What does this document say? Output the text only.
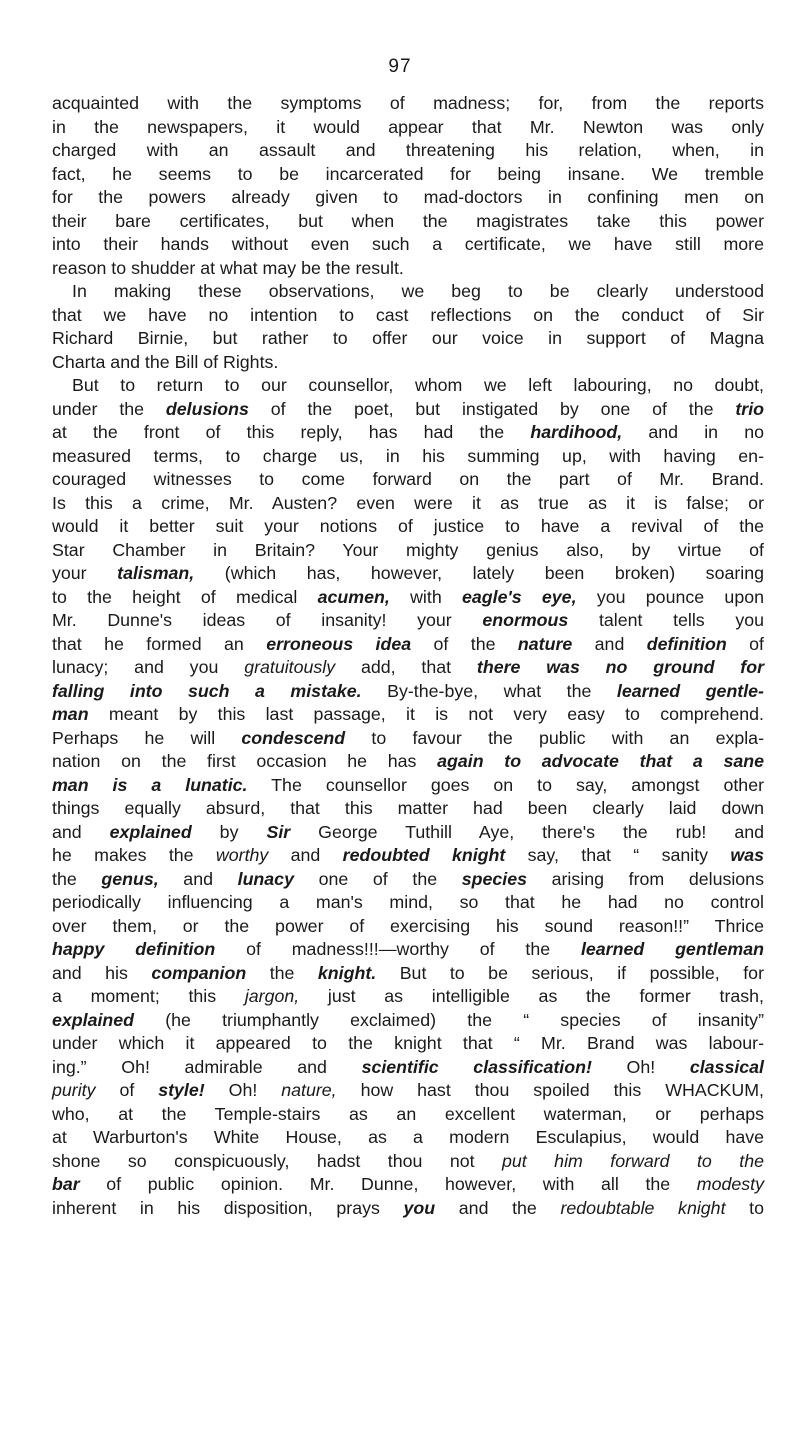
97
acquainted with the symptoms of madness; for, from the reports
in the newspapers, it would appear that Mr. Newton was only
charged with an assault and threatening his relation, when, in
fact, he seems to be incarcerated for being insane. We tremble
for the powers already given to mad-doctors in confining men on
their bare certificates, but when the magistrates take this power
into their hands without even such a certificate, we have still more
reason to shudder at what may be the result.
In making these observations, we beg to be clearly understood
that we have no intention to cast reflections on the conduct of Sir
Richard Birnie, but rather to offer our voice in support of Magna
Charta and the Bill of Rights.
But to return to our counsellor, whom we left labouring, no doubt,
under the delusions of the poet, but instigated by one of the trio
at the front of this reply, has had the hardihood, and in no
measured terms, to charge us, in his summing up, with having en-
couraged witnesses to come forward on the part of Mr. Brand.
Is this a crime, Mr. Austen? even were it as true as it is false; or
would it better suit your notions of justice to have a revival of the
Star Chamber in Britain? Your mighty genius also, by virtue of
your talisman, (which has, however, lately been broken) soaring
to the height of medical acumen, with eagle's eye, you pounce upon
Mr. Dunne's ideas of insanity! your enormous talent tells you
that he formed an erroneous idea of the nature and definition of
lunacy; and you gratuitously add, that there was no ground for
falling into such a mistake. By-the-bye, what the learned gentle-
man meant by this last passage, it is not very easy to comprehend.
Perhaps he will condescend to favour the public with an expla-
nation on the first occasion he has again to advocate that a sane
man is a lunatic. The counsellor goes on to say, amongst other
things equally absurd, that this matter had been clearly laid down
and explained by Sir George Tuthill Aye, there's the rub! and
he makes the worthy and redoubted knight say, that “ sanity was
the genus, and lunacy one of the species arising from delusions
periodically influencing a man's mind, so that he had no control
over them, or the power of exercising his sound reason!!” Thrice
happy definition of madness!!!—worthy of the learned gentleman
and his companion the knight. But to be serious, if possible, for
a moment; this jargon, just as intelligible as the former trash,
explained (he triumphantly exclaimed) the “ species of insanity”
under which it appeared to the knight that “ Mr. Brand was labour-
ing.” Oh! admirable and scientific classification! Oh! classical
purity of style! Oh! nature, how hast thou spoiled this WHACKUM,
who, at the Temple-stairs as an excellent waterman, or perhaps
at Warburton's White House, as a modern Esculapius, would have
shone so conspicuously, hadst thou not put him forward to the
bar of public opinion. Mr. Dunne, however, with all the modesty
inherent in his disposition, prays you and the redoubtable knight to
